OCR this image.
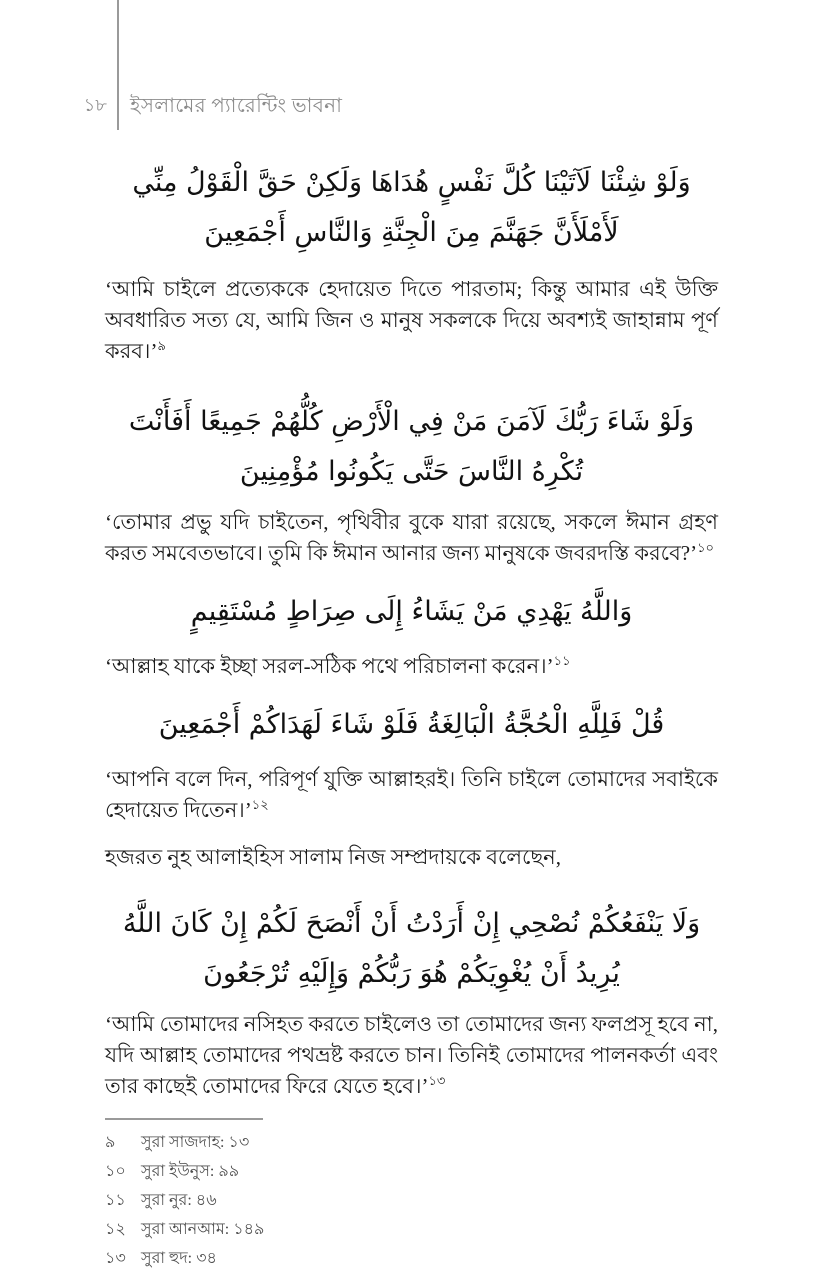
১৮ ইসলামের প্যারেন্টিং ভাবনা
وَلَوْ شِئْنَا لَآتَيْنَا كُلَّ نَفْسٍ هُدَاهَا وَلَكِنْ حَقَّ الْقَوْلُ مِنِّي لَأَمْلَأَنَّ جَهَنَّمَ مِنَ الْجِنَّةِ وَالنَّاسِ أَجْمَعِينَ

‘আমি চাইলে প্রত্যেককে হেদায়েত দিতে পারতাম; কিন্তু আমার এই উক্তি অবধারিত সত্য যে, আমি জিন ও মানুষ সকলকে দিয়ে অবশ্যই জাহান্নাম পূর্ণ করব।’$^৯$

وَلَوْ شَاءَ رَبُّكَ لَآمَنَ مَنْ فِي الْأَرْضِ كُلُّهُمْ جَمِيعًا أَفَأَنْتَ تُكْرِهُ النَّاسَ حَتَّى يَكُونُوا مُؤْمِنِينَ

‘তোমার প্রভু যদি চাইতেন, পৃথিবীর বুকে যারা রয়েছে, সকলে ঈমান গ্রহণ করত সমবেতভাবে। তুমি কি ঈমান আনার জন্য মানুষকে জবরদস্তি করবে?’$^{১০}$

وَاللَّهُ يَهْدِي مَنْ يَشَاءُ إِلَى صِرَاطٍ مُسْتَقِيمٍ

‘আল্লাহ যাকে ইচ্ছা সরল-সঠিক পথে পরিচালনা করেন।’$^{১১}$

قُلْ فَلِلَّهِ الْحُجَّةُ الْبَالِغَةُ فَلَوْ شَاءَ لَهَدَاكُمْ أَجْمَعِينَ

‘আপনি বলে দিন, পরিপূর্ণ যুক্তি আল্লাহরই। তিনি চাইলে তোমাদের সবাইকে হেদায়েত দিতেন।’$^{১২}$

হজরত নুহ আলাইহিস সালাম নিজ সম্প্রদায়কে বলেছেন,

وَلَا يَنْفَعُكُمْ نُصْحِي إِنْ أَرَدْتُ أَنْ أَنْصَحَ لَكُمْ إِنْ كَانَ اللَّهُ يُرِيدُ أَنْ يُغْوِيَكُمْ هُوَ رَبُّكُمْ وَإِلَيْهِ تُرْجَعُونَ

‘আমি তোমাদের নসিহত করতে চাইলেও তা তোমাদের জন্য ফলপ্রসূ হবে না, যদি আল্লাহ তোমাদের পথভ্রষ্ট করতে চান। তিনিই তোমাদের পালনকর্তা এবং তার কাছেই তোমাদের ফিরে যেতে হবে।’$^{১৩}$

৯	সুরা সাজদাহ: ১৩
১০ সুরা ইউনুস: ৯৯
১১ সুরা নুর: ৪৬
১২ সুরা আনআম: ১৪৯
১৩ সুরা হুদ: ৩৪
